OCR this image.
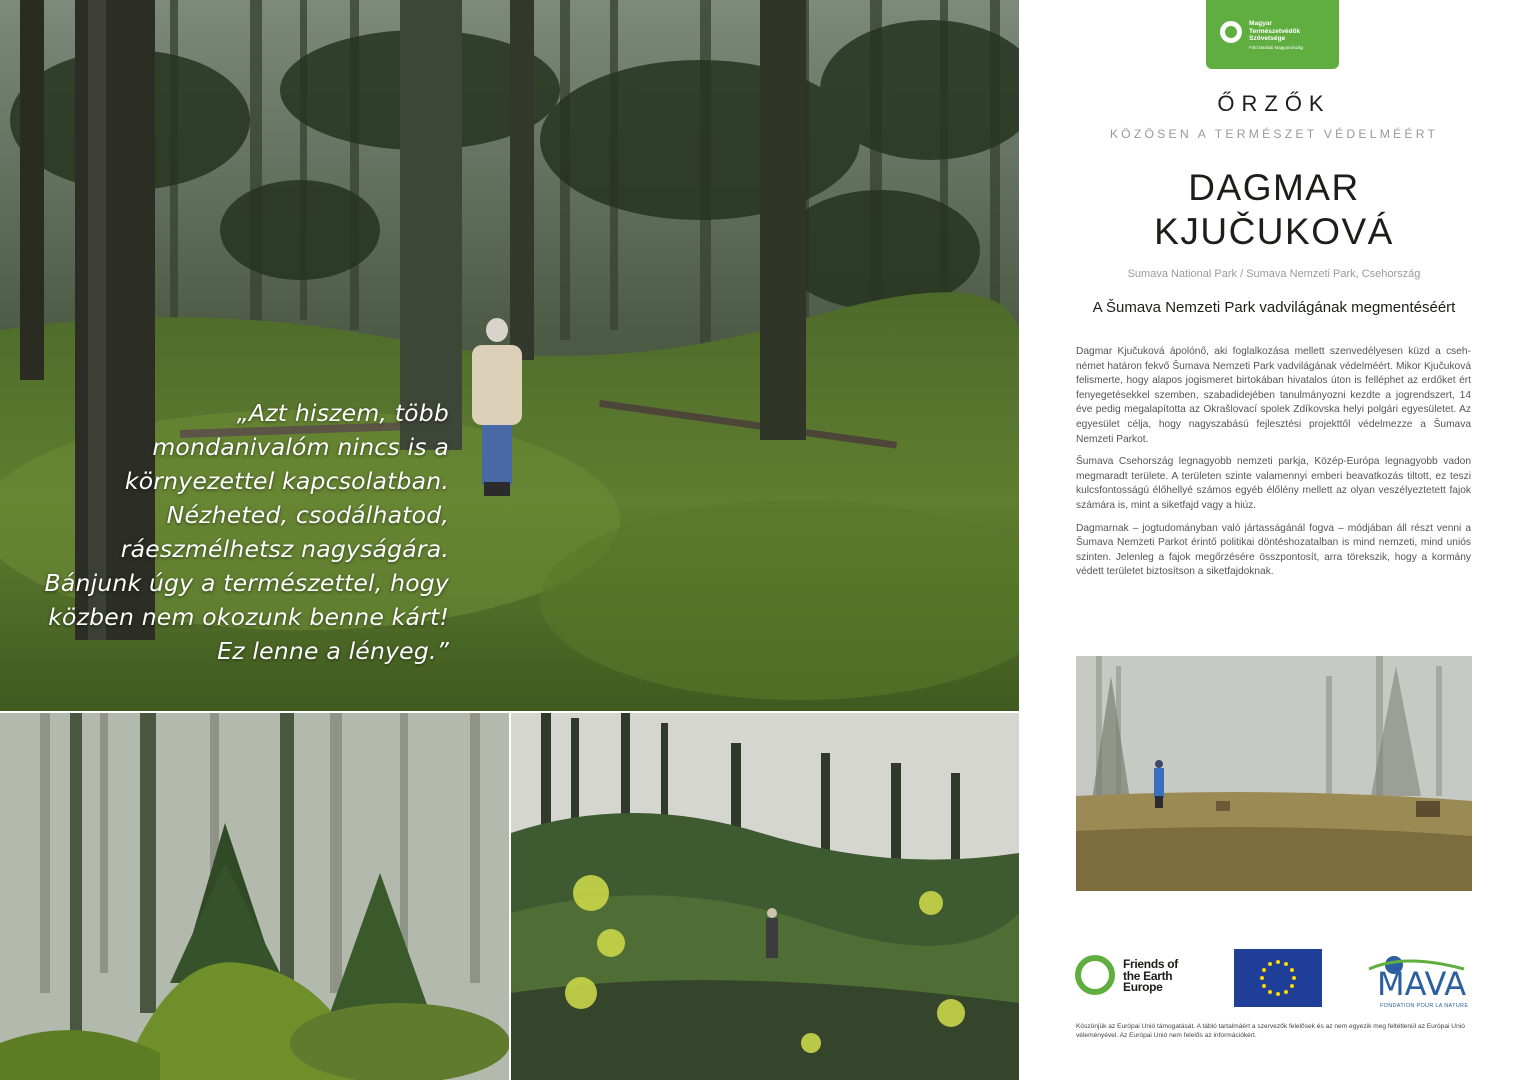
„Azt hiszem, több
mondanivalóm nincs is a
környezettel kapcsolatban.
Nézheted, csodálhatod,
ráeszmélhetsz nagyságára.
Bánjunk úgy a természettel, hogy
közben nem okozunk benne kárt!
Ez lenne a lényeg.”
Magyar
Természetvédők
Szövetsége
Föld Barátai Magyarország
ŐRZŐK
KÖZÖSEN A TERMÉSZET VÉDELMÉÉRT
DAGMAR
KJUČUKOVÁ
Sumava National Park / Sumava Nemzeti Park, Csehország
A Šumava Nemzeti Park vadvilágának megmentéséért

Dagmar Kjučuková ápolónő, aki foglalkozása mellett szenvedélyesen küzd a cseh-német határon fekvő Šumava Nemzeti Park vadvilágának védelméért. Mikor Kjučuková felismerte, hogy alapos jogismeret birtokában hivatalos úton is felléphet az erdőket ért fenyegetésekkel szemben, szabadidejében tanulmányozni kezdte a jogrendszert, 14 éve pedig megalapította az Okrašlovací spolek Zdíkovska helyi polgári egyesületet. Az egyesület célja, hogy nagyszabású fejlesztési projekttől védelmezze a Šumava Nemzeti Parkot.

Šumava Csehország legnagyobb nemzeti parkja, Közép-Európa legnagyobb vadon megmaradt területe. A területen szinte valamennyi emberi beavatkozás tiltott, ez teszi kulcsfontosságú élőhellyé számos egyéb élőlény mellett az olyan veszélyeztetett fajok számára is, mint a siketfajd vagy a hiúz.

Dagmarnak – jogtudományban való jártasságánál fogva – módjában áll részt venni a Šumava Nemzeti Parkot érintő politikai döntéshozatalban is mind nemzeti, mind uniós szinten. Jelenleg a fajok megőrzésére összpontosít, arra törekszik, hogy a kormány védett területet biztosítson a siketfajdoknak.

Friends of
the Earth
Europe	MAVA
FONDATION POUR LA NATURE
Köszönjük az Európai Unió támogatását. A tábló tartalmáért a szervezők felelősek és az nem egyezik meg feltétlenül az Európai Unió véleményével. Az Európai Unió nem felelős az információkért.
